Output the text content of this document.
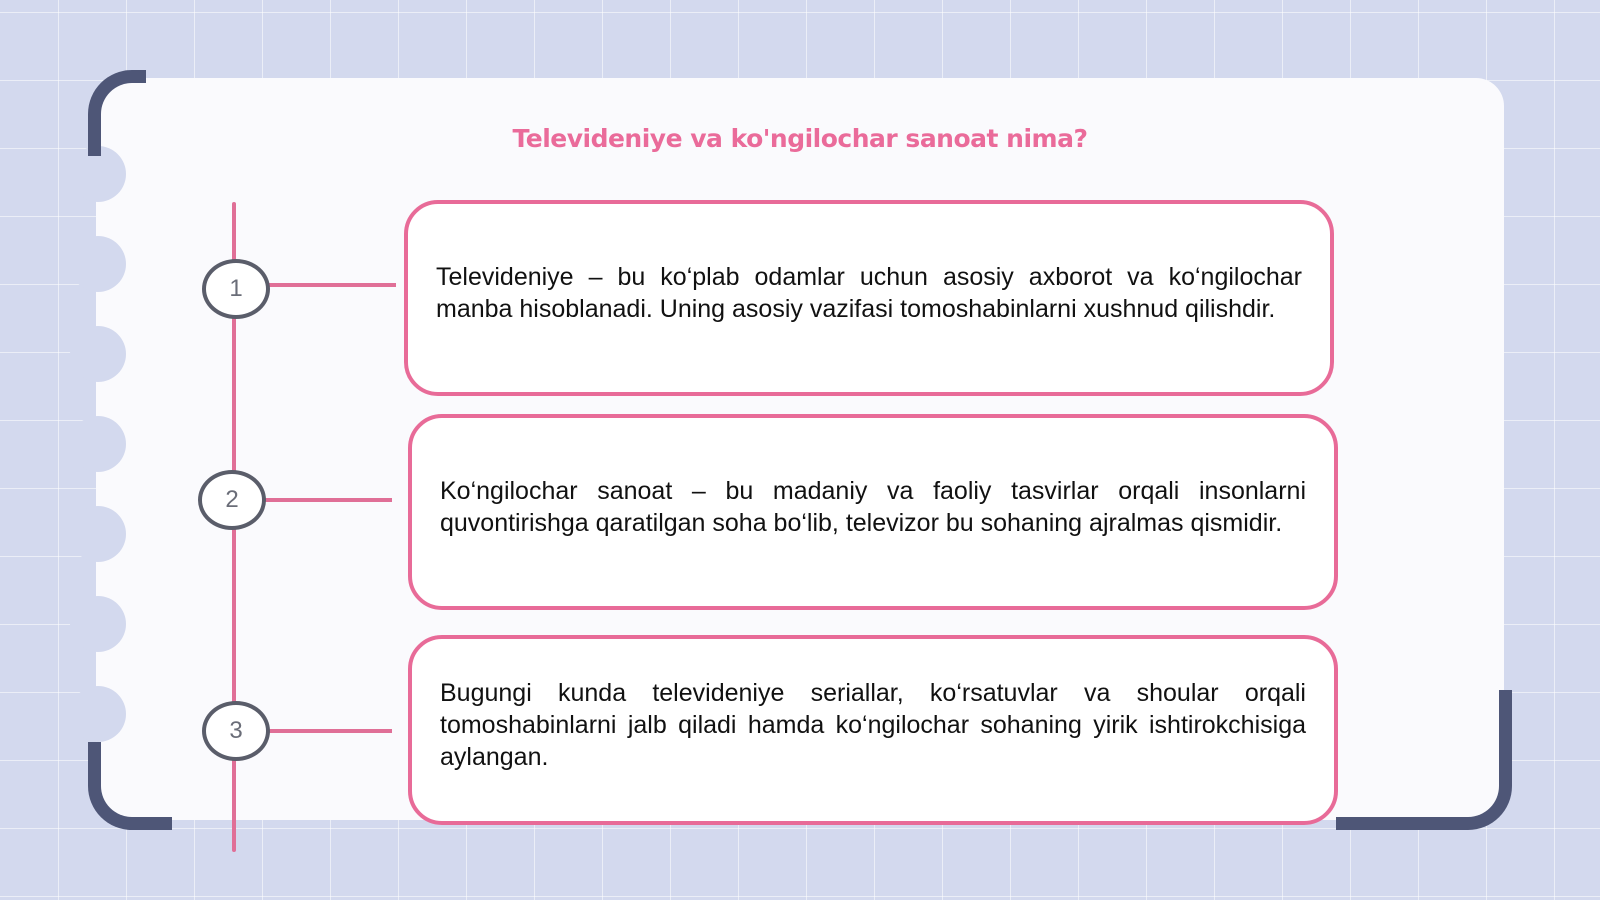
Televideniye va ko'ngilochar sanoat nima?
1
2
3
Televideniye – bu ko‘plab odamlar uchun asosiy axborot va ko‘ngilochar manba hisoblanadi. Uning asosiy vazifasi tomoshabinlarni xushnud qilishdir.
Ko‘ngilochar sanoat – bu madaniy va faoliy tasvirlar orqali insonlarni quvontirishga qaratilgan soha bo‘lib, televizor bu sohaning ajralmas qismidir.
Bugungi kunda televideniye seriallar, ko‘rsatuvlar va shoular orqali tomoshabinlarni jalb qiladi hamda ko‘ngilochar sohaning yirik ishtirokchisiga aylangan.
